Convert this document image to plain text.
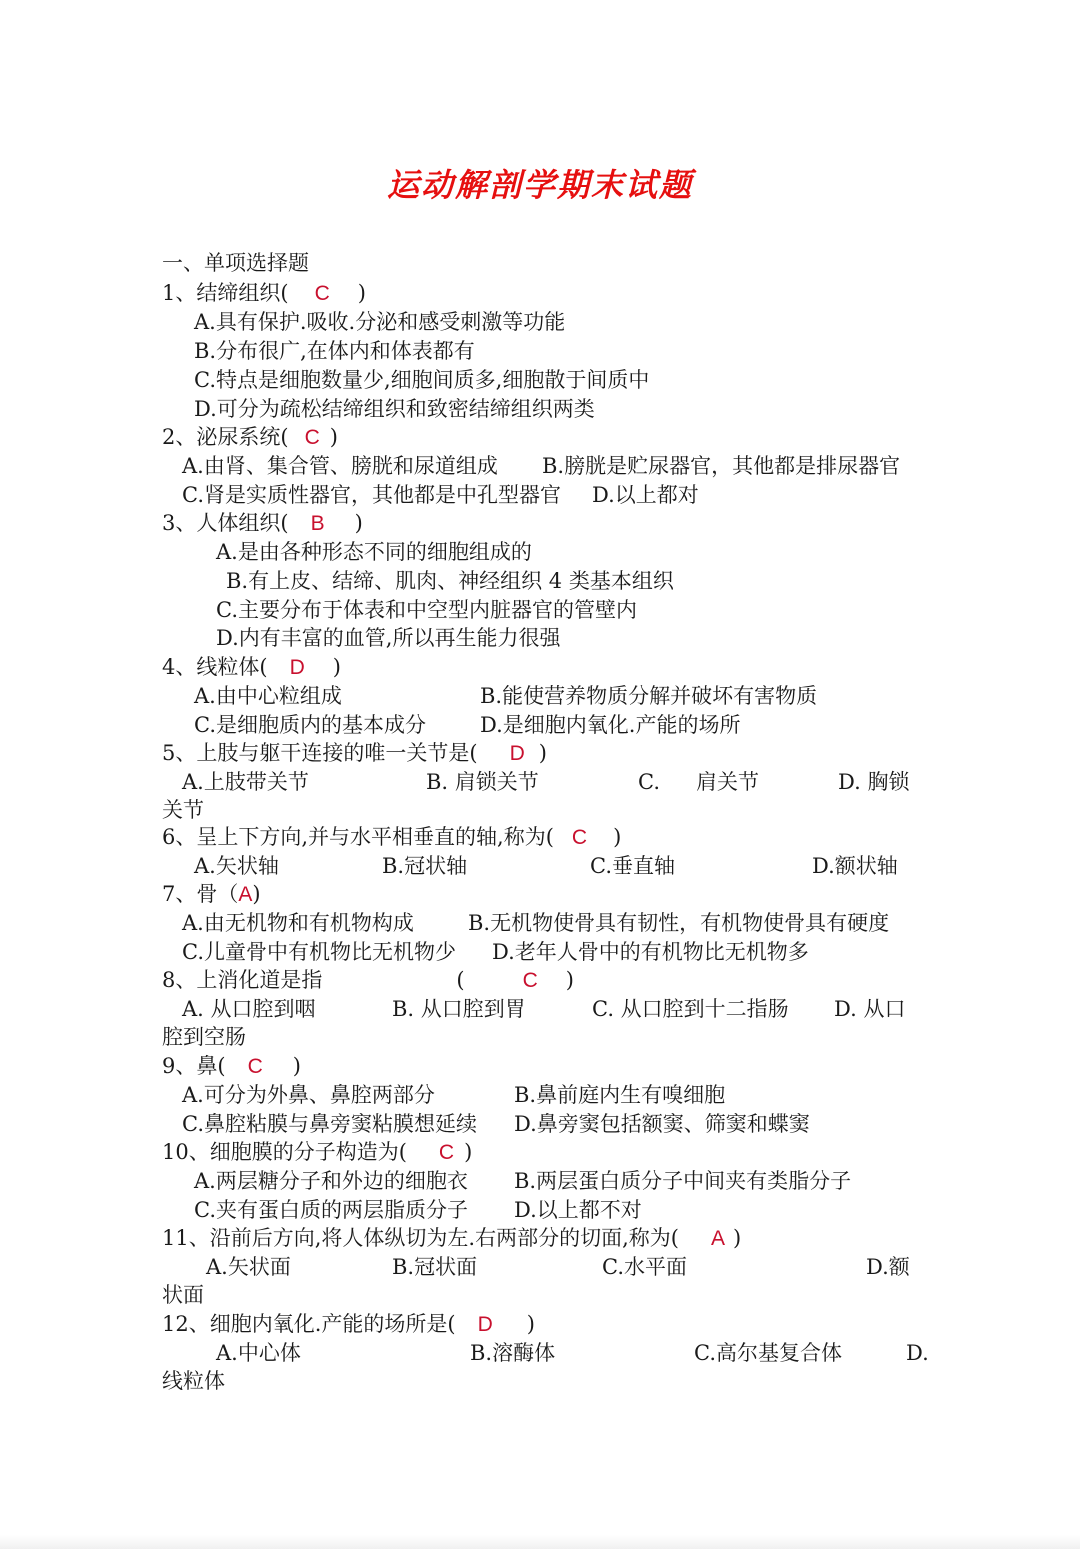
运动解剖学期末试题
一、单项选择题
1、结缔组织( C )
A.具有保护.吸收.分泌和感受刺激等功能
B.分布很广,在体内和体表都有
C.特点是细胞数量少,细胞间质多,细胞散于间质中
D.可分为疏松结缔组织和致密结缔组织两类
2、泌尿系统( C )
A.由肾、集合管、膀胱和尿道组成 B.膀胱是贮尿器官，其他都是排尿器官
C.肾是实质性器官，其他都是中孔型器官 D.以上都对
3、人体组织( B )
A.是由各种形态不同的细胞组成的
B.有上皮、结缔、肌肉、神经组织 4 类基本组织
C.主要分布于体表和中空型内脏器官的管壁内
D.内有丰富的血管,所以再生能力很强
4、线粒体( D )
A.由中心粒组成	B.能使营养物质分解并破坏有害物质
C.是细胞质内的基本成分	D.是细胞内氧化.产能的场所
5、上肢与躯干连接的唯一关节是( D )
A.上肢带关节	B. 肩锁关节	C. 肩关节	D. 胸锁
关节
6、呈上下方向,并与水平相垂直的轴,称为( C )
A.矢状轴	B.冠状轴	C.垂直轴	D.额状轴
7、骨（A)
A.由无机物和有机物构成	B.无机物使骨具有韧性，有机物使骨具有硬度
C.儿童骨中有机物比无机物少 D.老年人骨中的有机物比无机物多
8、上消化道是指	(	C )
A. 从口腔到咽	B. 从口腔到胃	C. 从口腔到十二指肠 D. 从口
腔到空肠
9、鼻( C )
A.可分为外鼻、鼻腔两部分	B.鼻前庭内生有嗅细胞
C.鼻腔粘膜与鼻旁窦粘膜想延续 D.鼻旁窦包括额窦、筛窦和蝶窦
10、细胞膜的分子构造为( C )
A.两层糖分子和外边的细胞衣 B.两层蛋白质分子中间夹有类脂分子
C.夹有蛋白质的两层脂质分子 D.以上都不对
11、沿前后方向,将人体纵切为左.右两部分的切面,称为( A )
A.矢状面	B.冠状面	C.水平面	D.额
状面
12、细胞内氧化.产能的场所是( D )
A.中心体	B.溶酶体	C.高尔基复合体	D.
线粒体
